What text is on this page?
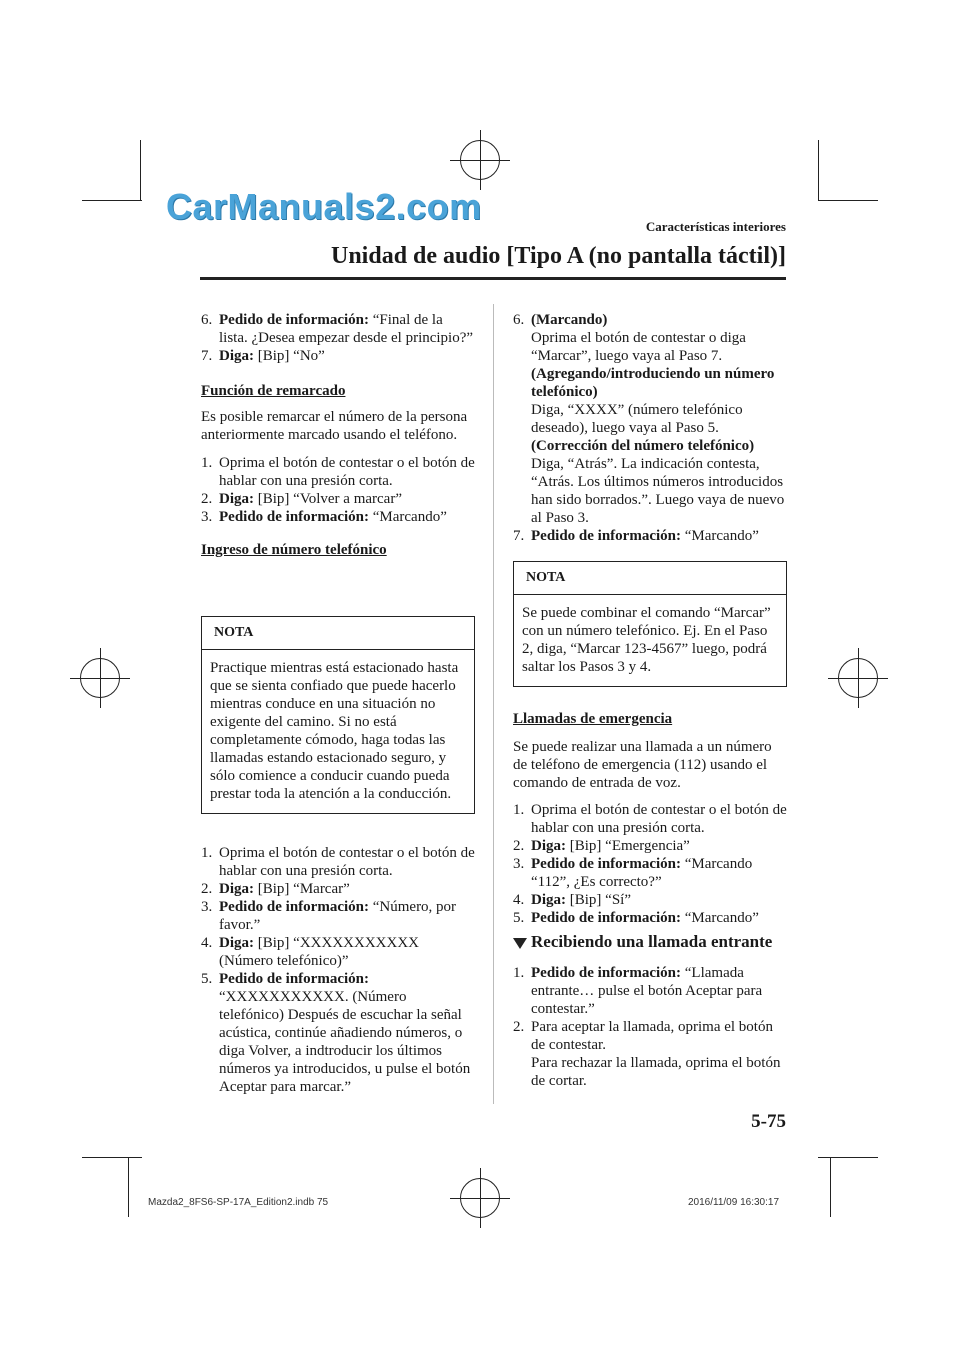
CarManuals2.com	Características interiores
Unidad de audio [Tipo A (no pantalla táctil)]

6. Pedido de información: “Final de la lista. ¿Desea empezar desde el principio?”

7. Diga: [Bip] “No”

Función de remarcado

Es posible remarcar el número de la persona anteriormente marcado usando el teléfono.

1. Oprima el botón de contestar o el botón de hablar con una presión corta.

2. Diga: [Bip] “Volver a marcar”

3. Pedido de información: “Marcando”

Ingreso de número telefónico

NOTA
Practique mientras está estacionado hasta que se sienta confiado que puede hacerlo mientras conduce en una situación no exigente del camino. Si no está completamente cómodo, haga todas las llamadas estando estacionado seguro, y sólo comience a conducir cuando pueda prestar toda la atención a la conducción.

1. Oprima el botón de contestar o el botón de hablar con una presión corta.

2. Diga: [Bip] “Marcar”

3. Pedido de información: “Número, por favor.”

4. Diga: [Bip] “XXXXXXXXXXX (Número telefónico)”

5. Pedido de información: “XXXXXXXXXXX. (Número telefónico) Después de escuchar la señal acústica, continúe añadiendo números, o diga Volver, a indtroducir los últimos números ya introducidos, u pulse el botón Aceptar para marcar.”

6. (Marcando)
Oprima el botón de contestar o diga “Marcar”, luego vaya al Paso 7.
(Agregando/introduciendo un número telefónico)
Diga, “XXXX” (número telefónico deseado), luego vaya al Paso 5.
(Corrección del número telefónico)
Diga, “Atrás”. La indicación contesta, “Atrás. Los últimos números introducidos han sido borrados.”. Luego vaya de nuevo al Paso 3.

7. Pedido de información: “Marcando”

NOTA
Se puede combinar el comando “Marcar” con un número telefónico. Ej. En el Paso 2, diga, “Marcar 123-4567” luego, podrá saltar los Pasos 3 y 4.

Llamadas de emergencia

Se puede realizar una llamada a un número de teléfono de emergencia (112) usando el comando de entrada de voz.

1. Oprima el botón de contestar o el botón de hablar con una presión corta.

2. Diga: [Bip] “Emergencia”

3. Pedido de información: “Marcando “112”, ¿Es correcto?”

4. Diga: [Bip] “Sí”

5. Pedido de información: “Marcando”

Recibiendo una llamada entrante

1. Pedido de información: “Llamada entrante… pulse el botón Aceptar para contestar.”

2. Para aceptar la llamada, oprima el botón de contestar.
Para rechazar la llamada, oprima el botón de cortar.
5-75
Mazda2_8FS6-SP-17A_Edition2.indb 75	2016/11/09 16:30:17
